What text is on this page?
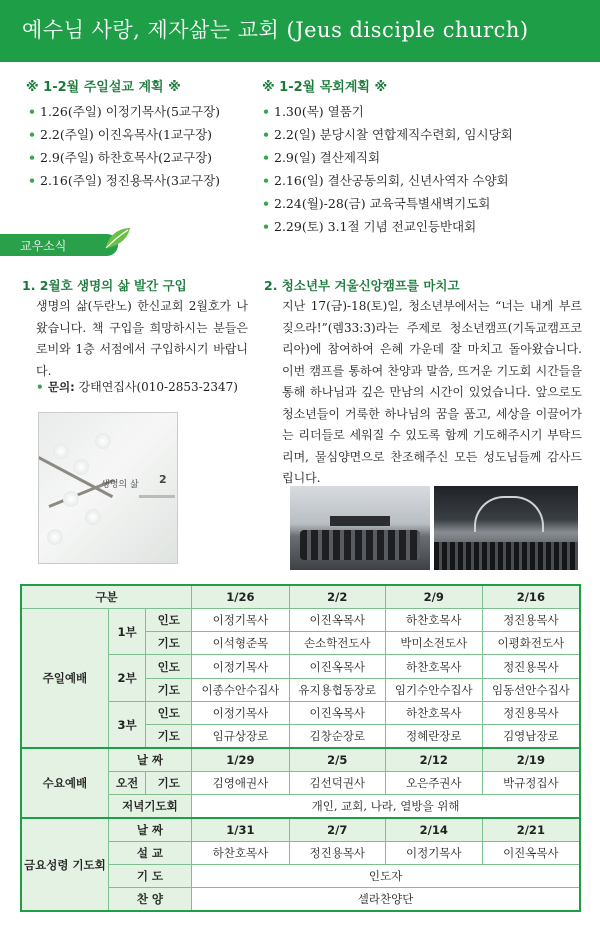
예수님 사랑, 제자삶는 교회 (Jeus disciple church)
※ 1-2월 주일설교 계획 ※
• 1.26(주일) 이정기목사(5교구장)
• 2.2(주일) 이진옥목사(1교구장)
• 2.9(주일) 하찬호목사(2교구장)
• 2.16(주일) 정진용목사(3교구장)
※ 1-2월 목회계획 ※
• 1.30(목) 열품기
• 2.2(일) 분당시찰 연합제직수련회, 임시당회
• 2.9(일) 결산제직회
• 2.16(일) 결산공동의회, 신년사역자 수양회
• 2.24(월)-28(금) 교육국특별새벽기도회
• 2.29(토) 3.1절 기념 전교인등반대회
교우소식
1. 2월호 생명의 삶 발간 구입
생명의 삶(두란노) 한신교회 2월호가 나왔습니다. 책 구입을 희망하시는 분들은 로비와 1층 서점에서 구입하시기 바랍니다.
• 문의: 강태연집사(010-2853-2347)
생명의 삶 2
2. 청소년부 겨울신앙캠프를 마치고
지난 17(금)-18(토)일, 청소년부에서는 “너는 내게 부르짖으라!”(렘33:3)라는 주제로 청소년캠프(기독교캠프코리아)에 참여하여 은혜 가운데 잘 마치고 돌아왔습니다. 이번 캠프를 통하여 찬양과 말씀, 뜨거운 기도회 시간들을 통해 하나님과 깊은 만남의 시간이 있었습니다. 앞으로도 청소년들이 거룩한 하나님의 꿈을 품고, 세상을 이끌어가는 리더들로 세워질 수 있도록 함께 기도해주시기 부탁드리며, 물심양면으로 찬조해주신 모든 성도님들께 감사드립니다.
구분			1/26	2/2	2/9	2/16
주일예배	1부	인도	이정기목사	이진옥목사	하찬호목사	정진용목사
		기도	이석형준목	손소학전도사	박미소전도사	이평화전도사
	2부	인도	이정기목사	이진옥목사	하찬호목사	정진용목사
		기도	이종수안수집사	유지용협동장로	임기수안수집사	임동선안수집사
	3부	인도	이정기목사	이진옥목사	하찬호목사	정진용목사
		기도	임규상장로	김창순장로	정혜란장로	김영남장로
수요예배	날 짜		1/29	2/5	2/12	2/19
	오전	기도	김영애권사	김선덕권사	오은주권사	박규정집사
	저녁기도회		개인, 교회, 나라, 열방을 위해			
금요성령 기도회	날 짜		1/31	2/7	2/14	2/21
	설 교		하찬호목사	정진용목사	이정기목사	이진옥목사
	기 도		인도자			
	찬 양		셀라찬양단			
